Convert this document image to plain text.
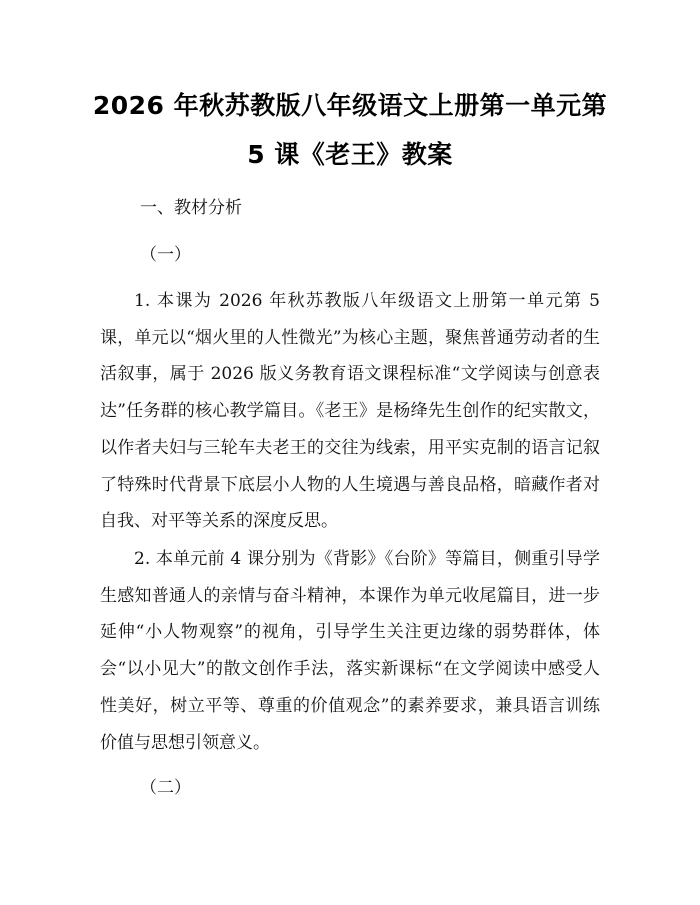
2026 年秋苏教版八年级语文上册第一单元第
5 课《老王》教案
一、教材分析
（一）

1. 本课为 2026 年秋苏教版八年级语文上册第一单元第 5 课，单元以“烟火里的人性微光”为核心主题，聚焦普通劳动者的生活叙事，属于 2026 版义务教育语文课程标准“文学阅读与创意表达”任务群的核心教学篇目。《老王》是杨绛先生创作的纪实散文，以作者夫妇与三轮车夫老王的交往为线索，用平实克制的语言记叙了特殊时代背景下底层小人物的人生境遇与善良品格，暗藏作者对自我、对平等关系的深度反思。

2. 本单元前 4 课分别为《背影》《台阶》等篇目，侧重引导学生感知普通人的亲情与奋斗精神，本课作为单元收尾篇目，进一步延伸“小人物观察”的视角，引导学生关注更边缘的弱势群体，体会“以小见大”的散文创作手法，落实新课标“在文学阅读中感受人性美好，树立平等、尊重的价值观念”的素养要求，兼具语言训练价值与思想引领意义。

（二）
